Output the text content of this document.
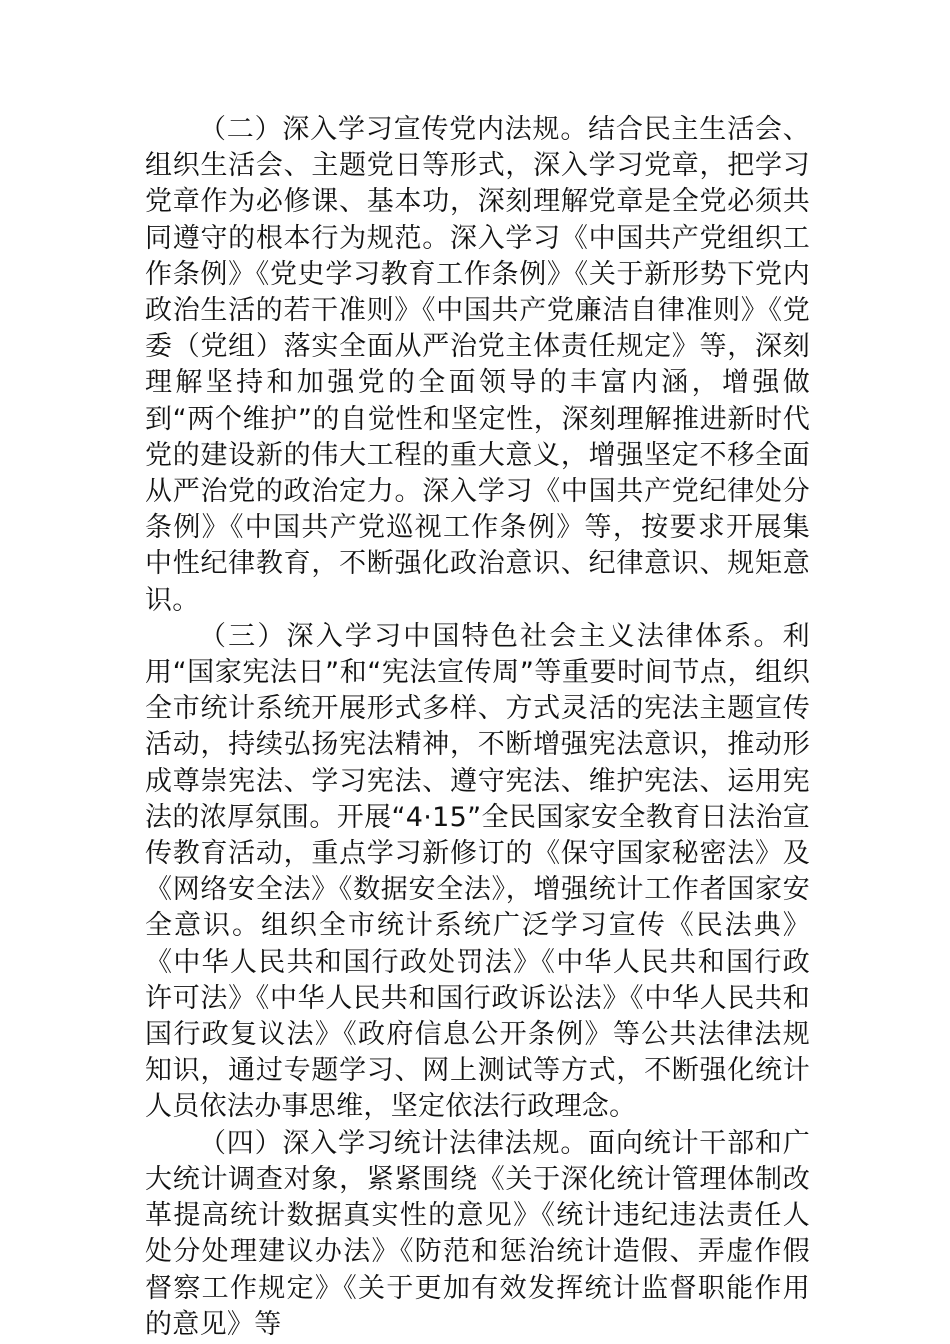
（二）深入学习宣传党内法规。结合民主生活会、组织生活会、主题党日等形式，深入学习党章，把学习党章作为必修课、基本功，深刻理解党章是全党必须共同遵守的根本行为规范。深入学习《中国共产党组织工作条例》《党史学习教育工作条例》《关于新形势下党内政治生活的若干准则》《中国共产党廉洁自律准则》《党委（党组）落实全面从严治党主体责任规定》等，深刻理解坚持和加强党的全面领导的丰富内涵，增强做到“两个维护”的自觉性和坚定性，深刻理解推进新时代党的建设新的伟大工程的重大意义，增强坚定不移全面从严治党的政治定力。深入学习《中国共产党纪律处分条例》《中国共产党巡视工作条例》等，按要求开展集中性纪律教育，不断强化政治意识、纪律意识、规矩意识。

（三）深入学习中国特色社会主义法律体系。利用“国家宪法日”和“宪法宣传周”等重要时间节点，组织全市统计系统开展形式多样、方式灵活的宪法主题宣传活动，持续弘扬宪法精神，不断增强宪法意识，推动形成尊崇宪法、学习宪法、遵守宪法、维护宪法、运用宪法的浓厚氛围。开展“4·15”全民国家安全教育日法治宣传教育活动，重点学习新修订的《保守国家秘密法》及《网络安全法》《数据安全法》，增强统计工作者国家安全意识。组织全市统计系统广泛学习宣传《民法典》《中华人民共和国行政处罚法》《中华人民共和国行政许可法》《中华人民共和国行政诉讼法》《中华人民共和国行政复议法》《政府信息公开条例》等公共法律法规知识，通过专题学习、网上测试等方式，不断强化统计人员依法办事思维，坚定依法行政理念。

（四）深入学习统计法律法规。面向统计干部和广大统计调查对象，紧紧围绕《关于深化统计管理体制改革提高统计数据真实性的意见》《统计违纪违法责任人处分处理建议办法》《防范和惩治统计造假、弄虚作假督察工作规定》《关于更加有效发挥统计监督职能作用的意见》等
